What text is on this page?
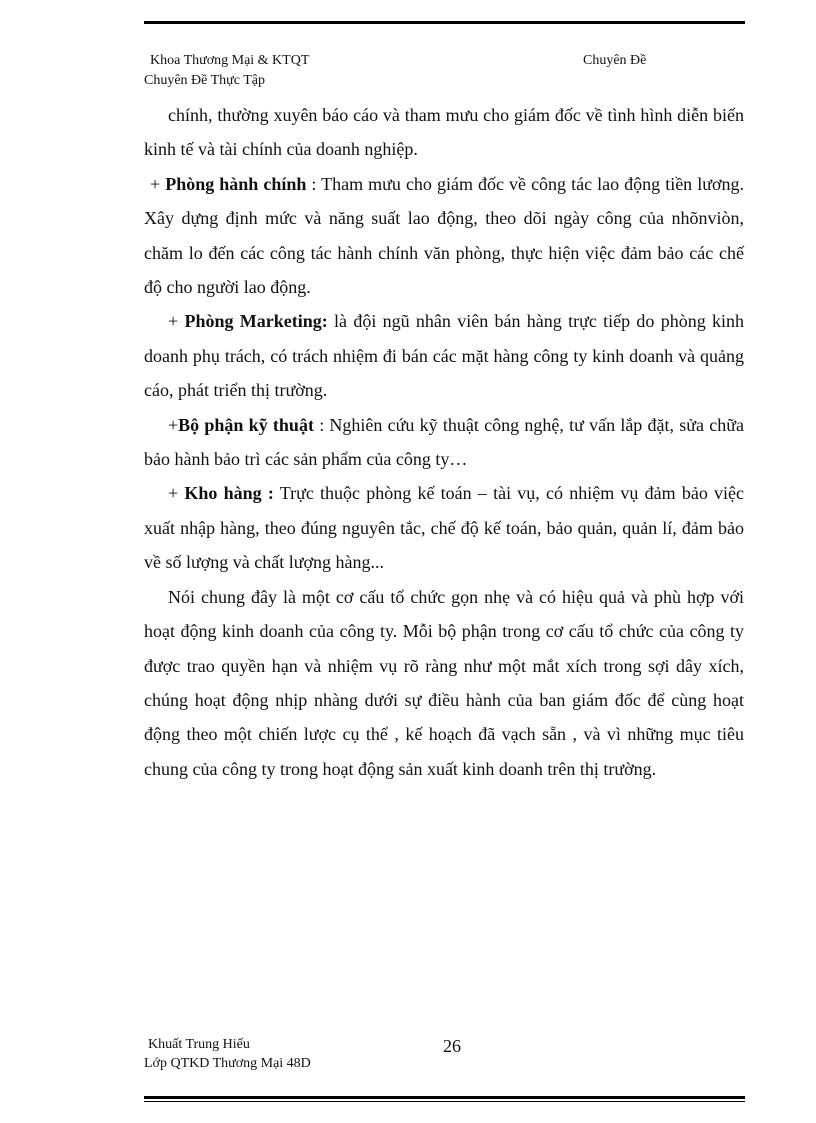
Khoa Thương Mại & KTQT	Chuyên Đề
Chuyên Đề Thực Tập

chính, thường xuyên báo cáo và tham mưu cho giám đốc về tình hình diễn biến kinh tế và tài chính của doanh nghiệp.

+ Phòng hành chính : Tham mưu cho giám đốc về công tác lao động tiền lương. Xây dựng định mức và năng suất lao động, theo dõi ngày công của nhõnviòn, chăm lo đến các công tác hành chính văn phòng, thực hiện việc đảm bảo các chế độ cho người lao động.

+ Phòng Marketing: là đội ngũ nhân viên bán hàng trực tiếp do phòng kinh doanh phụ trách, có trách nhiệm đi bán các mặt hàng công ty kinh doanh và quảng cáo, phát triển thị trường.

+Bộ phận kỹ thuật : Nghiên cứu kỹ thuật công nghệ, tư vấn lắp đặt, sửa chữa bảo hành bảo trì các sản phẩm của công ty…

+ Kho hàng : Trực thuộc phòng kế toán – tài vụ, có nhiệm vụ đảm bảo việc xuất nhập hàng, theo đúng nguyên tắc, chế độ kế toán, bảo quản, quản lí, đảm bảo về số lượng và chất lượng hàng...

Nói chung đây là một cơ cấu tổ chức gọn nhẹ và có hiệu quả và phù hợp với hoạt động kinh doanh của công ty. Mỗi bộ phận trong cơ cấu tổ chức của công ty được trao quyền hạn và nhiệm vụ rõ ràng như một mắt xích trong sợi dây xích, chúng hoạt động nhịp nhàng dưới sự điều hành của ban giám đốc để cùng hoạt động theo một chiến lược cụ thể , kế hoạch đã vạch sẵn , và vì những mục tiêu chung của công ty trong hoạt động sản xuất kinh doanh trên thị trường.

Khuất Trung Hiếu	26
Lớp QTKD Thương Mại 48D
